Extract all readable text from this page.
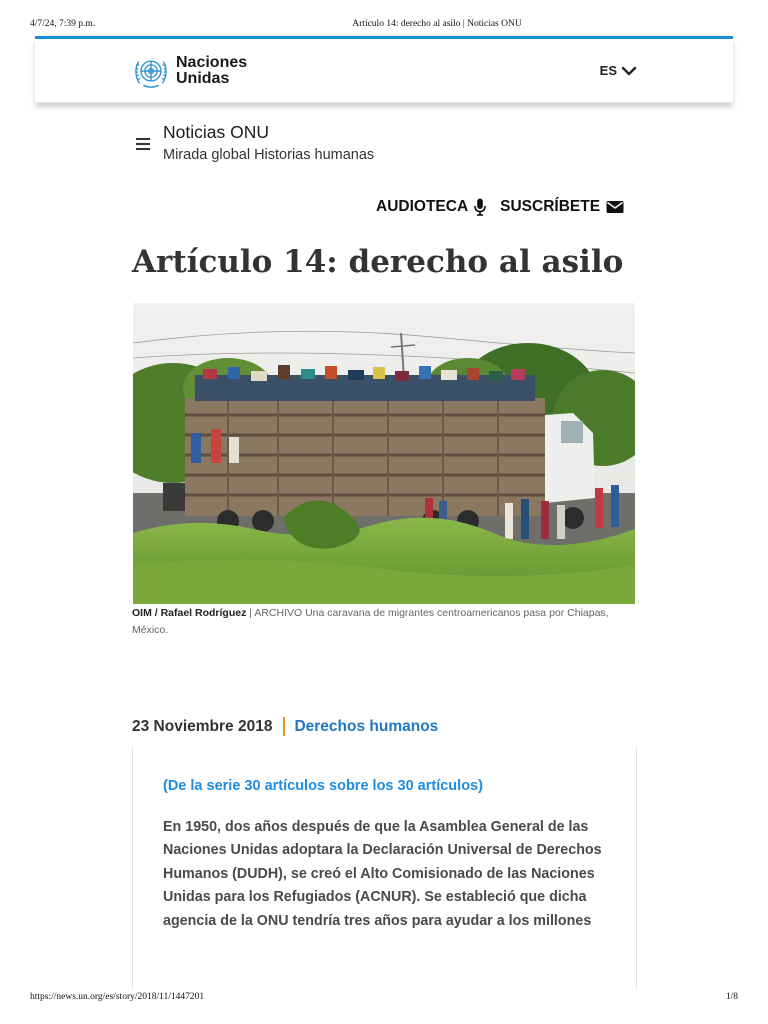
4/7/24, 7:39 p.m.	Artículo 14: derecho al asilo | Noticias ONU
Naciones
Unidas	ES
Noticias ONU
Mirada global Historias humanas
AUDIOTECA SUSCRÍBETE
Artículo 14: derecho al asilo
OIM / Rafael Rodríguez | ARCHIVO Una caravana de migrantes centroamericanos pasa por Chiapas, México.
23 Noviembre 2018 Derechos humanos
(De la serie 30 artículos sobre los 30 artículos)

En 1950, dos años después de que la Asamblea General de las Naciones Unidas adoptara la Declaración Universal de Derechos Humanos (DUDH), se creó el Alto Comisionado de las Naciones Unidas para los Refugiados (ACNUR). Se estableció que dicha agencia de la ONU tendría tres años para ayudar a los millones

https://news.un.org/es/story/2018/11/1447201	1/8
